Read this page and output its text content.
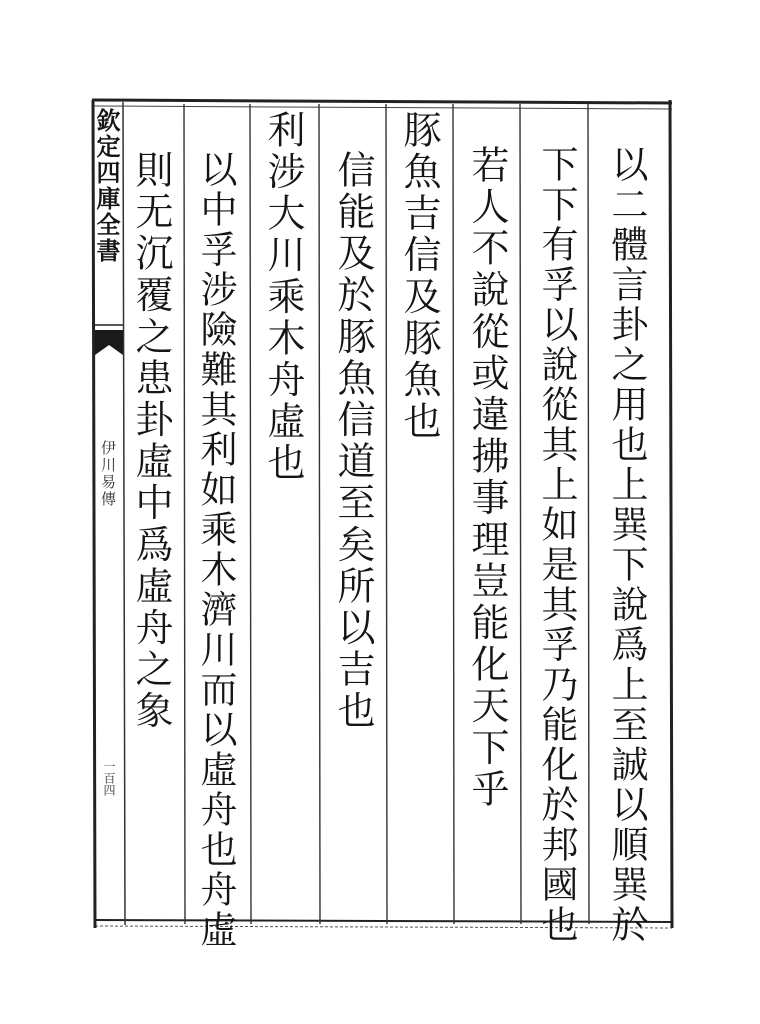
欽定四庫全書
伊川易傳
一百四	以二體言卦之用也上巽下說爲上至誠以順巽於
下下有孚以說從其上如是其孚乃能化於邦國也
若人不說從或違拂事理豈能化天下乎
豚魚吉信及豚魚也
信能及於豚魚信道至矣所以吉也
利涉大川乘木舟虛也
以中孚涉險難其利如乘木濟川而以虛舟也舟虛
則无沉覆之患卦虛中爲虛舟之象
